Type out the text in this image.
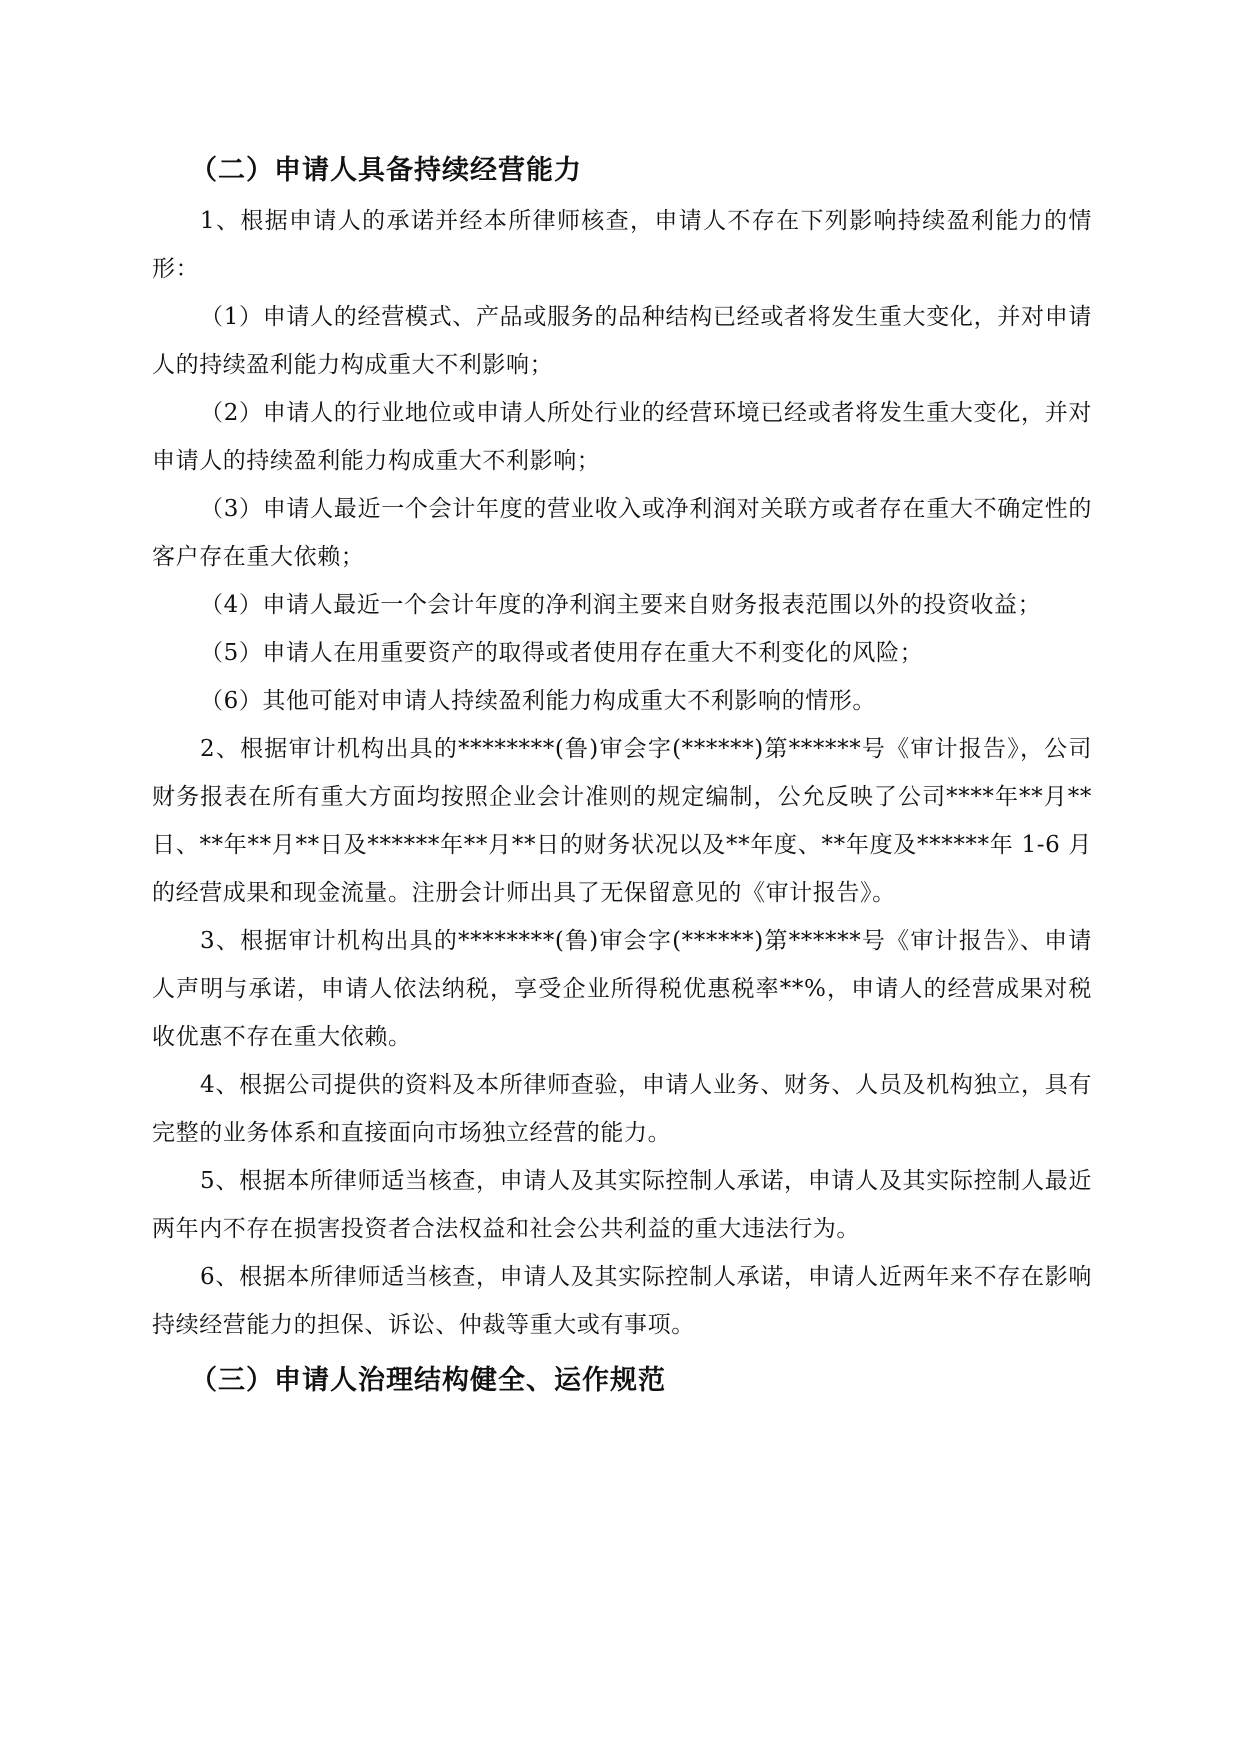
（二）申请人具备持续经营能力

1、根据申请人的承诺并经本所律师核查，申请人不存在下列影响持续盈利能力的情形：

（1）申请人的经营模式、产品或服务的品种结构已经或者将发生重大变化，并对申请人的持续盈利能力构成重大不利影响；

（2）申请人的行业地位或申请人所处行业的经营环境已经或者将发生重大变化，并对申请人的持续盈利能力构成重大不利影响；

（3）申请人最近一个会计年度的营业收入或净利润对关联方或者存在重大不确定性的客户存在重大依赖；

（4）申请人最近一个会计年度的净利润主要来自财务报表范围以外的投资收益；

（5）申请人在用重要资产的取得或者使用存在重大不利变化的风险；

（6）其他可能对申请人持续盈利能力构成重大不利影响的情形。

2、根据审计机构出具的********(鲁)审会字(******)第******号《审计报告》，公司财务报表在所有重大方面均按照企业会计准则的规定编制，公允反映了公司****年**月**日、**年**月**日及******年**月**日的财务状况以及**年度、**年度及******年 1-6 月的经营成果和现金流量。注册会计师出具了无保留意见的《审计报告》。

3、根据审计机构出具的********(鲁)审会字(******)第******号《审计报告》、申请人声明与承诺，申请人依法纳税，享受企业所得税优惠税率**%，申请人的经营成果对税收优惠不存在重大依赖。

4、根据公司提供的资料及本所律师查验，申请人业务、财务、人员及机构独立，具有完整的业务体系和直接面向市场独立经营的能力。

5、根据本所律师适当核查，申请人及其实际控制人承诺，申请人及其实际控制人最近两年内不存在损害投资者合法权益和社会公共利益的重大违法行为。

6、根据本所律师适当核查，申请人及其实际控制人承诺，申请人近两年来不存在影响持续经营能力的担保、诉讼、仲裁等重大或有事项。

（三）申请人治理结构健全、运作规范
